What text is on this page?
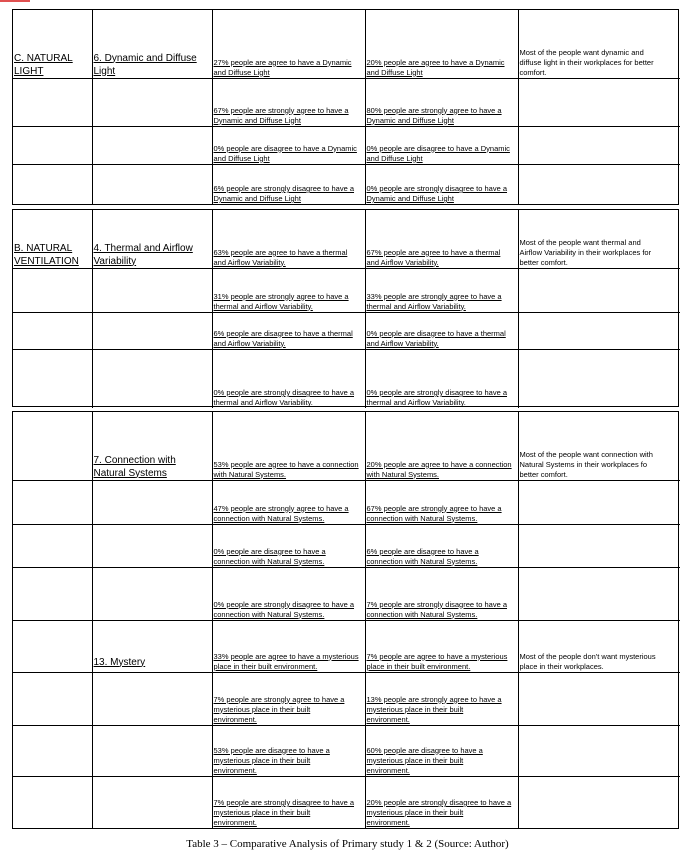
C. NATURAL
LIGHT	6. Dynamic and Diffuse
Light	27% people are agree to have a Dynamic
and Diffuse Light	20% people are agree to have a Dynamic
and Diffuse Light	Most of the people want dynamic and
diffuse light in their workplaces for better
comfort.
		67% people are strongly agree to have a
Dynamic and Diffuse Light	80% people are strongly agree to have a
Dynamic and Diffuse Light	
		0% people are disagree to have a Dynamic
and Diffuse Light	0% people are disagree to have a Dynamic
and Diffuse Light	
		6% people are strongly disagree to have a
Dynamic and Diffuse Light	0% people are strongly disagree to have a
Dynamic and Diffuse Light	
B. NATURAL
VENTILATION	4. Thermal and Airflow
Variability	63% people are agree to have a thermal
and Airflow Variability.	67% people are agree to have a thermal
and Airflow Variability.	Most of the people want thermal and
Airflow Variability in their workplaces for
better comfort.
		31% people are strongly agree to have a
thermal and Airflow Variability.	33% people are strongly agree to have a
thermal and Airflow Variability.	
		6% people are disagree to have a thermal
and Airflow Variability.	0% people are disagree to have a thermal
and Airflow Variability.	
		0% people are strongly disagree to have a
thermal and Airflow Variability.	0% people are strongly disagree to have a
thermal and Airflow Variability.	
	7. Connection with
Natural Systems	53% people are agree to have a connection
with Natural Systems.	20% people are agree to have a connection
with Natural Systems.	Most of the people want connection with
Natural Systems in their workplaces fo
better comfort.
		47% people are strongly agree to have a
connection with Natural Systems.	67% people are strongly agree to have a
connection with Natural Systems.	
		0% people are disagree to have a
connection with Natural Systems.	6% people are disagree to have a
connection with Natural Systems.	
		0% people are strongly disagree to have a
connection with Natural Systems.	7% people are strongly disagree to have a
connection with Natural Systems.	
	13. Mystery	33% people are agree to have a mysterious
place in their built environment.	7% people are agree to have a mysterious
place in their built environment.	Most of the people don't want mysterious
place in their workplaces.
		7% people are strongly agree to have a
mysterious place in their built
environment.	13% people are strongly agree to have a
mysterious place in their built
environment.	
		53% people are disagree to have a
mysterious place in their built
environment.	60% people are disagree to have a
mysterious place in their built
environment.	
		7% people are strongly disagree to have a
mysterious place in their built
environment.	20% people are strongly disagree to have a
mysterious place in their built
environment.	
Table 3 – Comparative Analysis of Primary study 1 & 2 (Source: Author)
